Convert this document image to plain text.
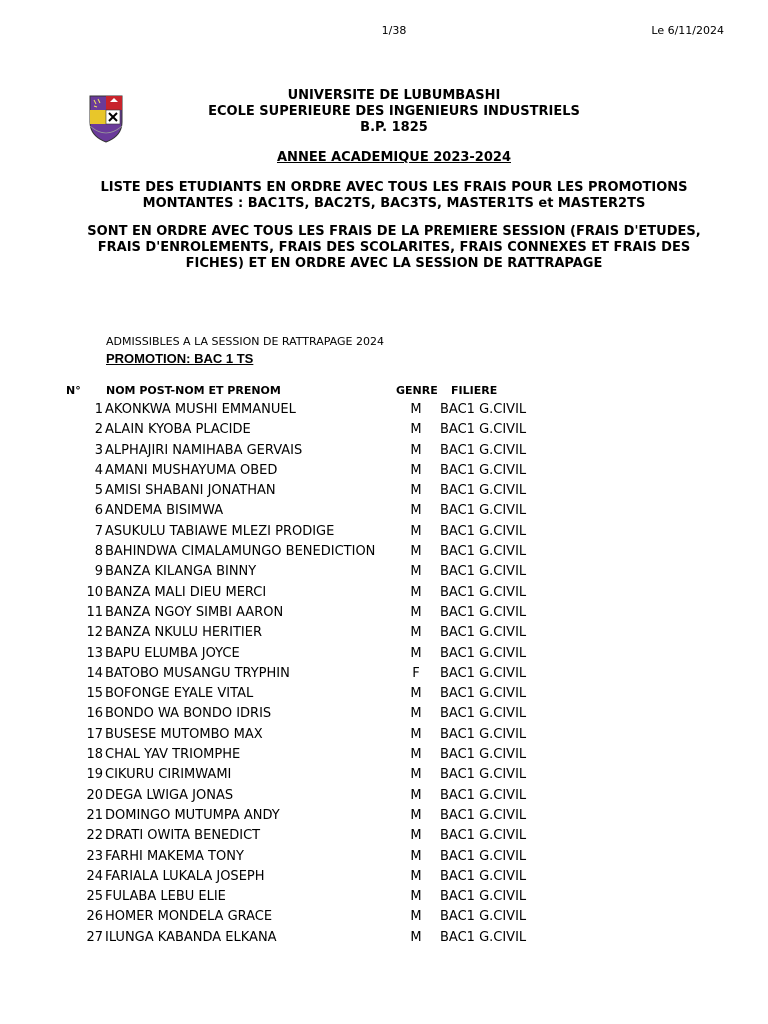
1/38	Le 6/11/2024
UNIVERSITE DE LUBUMBASHI
ECOLE SUPERIEURE DES INGENIEURS INDUSTRIELS
B.P. 1825
ANNEE ACADEMIQUE 2023-2024
LISTE DES ETUDIANTS EN ORDRE AVEC TOUS LES FRAIS POUR LES PROMOTIONS MONTANTES : BAC1TS, BAC2TS, BAC3TS, MASTER1TS et MASTER2TS
SONT EN ORDRE AVEC TOUS LES FRAIS DE LA PREMIERE SESSION (FRAIS D'ETUDES, FRAIS D'ENROLEMENTS, FRAIS DES SCOLARITES, FRAIS CONNEXES ET FRAIS DES FICHES) ET EN ORDRE AVEC LA SESSION DE RATTRAPAGE
ADMISSIBLES A LA SESSION DE RATTRAPAGE 2024
PROMOTION: BAC 1 TS
N° NOM POST-NOM ET PRENOM	GENRE FILIERE
1 AKONKWA MUSHI EMMANUEL	M BAC1 G.CIVIL
2 ALAIN KYOBA PLACIDE	M BAC1 G.CIVIL
3 ALPHAJIRI NAMIHABA GERVAIS	M BAC1 G.CIVIL
4 AMANI MUSHAYUMA OBED	M BAC1 G.CIVIL
5 AMISI SHABANI JONATHAN	M BAC1 G.CIVIL
6 ANDEMA BISIMWA	M BAC1 G.CIVIL
7 ASUKULU TABIAWE MLEZI PRODIGE	M BAC1 G.CIVIL
8 BAHINDWA CIMALAMUNGO BENEDICTION	M BAC1 G.CIVIL
9 BANZA KILANGA BINNY	M BAC1 G.CIVIL
10 BANZA MALI DIEU MERCI	M BAC1 G.CIVIL
11 BANZA NGOY SIMBI AARON	M BAC1 G.CIVIL
12 BANZA NKULU HERITIER	M BAC1 G.CIVIL
13 BAPU ELUMBA JOYCE	M BAC1 G.CIVIL
14 BATOBO MUSANGU TRYPHIN	F BAC1 G.CIVIL
15 BOFONGE EYALE VITAL	M BAC1 G.CIVIL
16 BONDO WA BONDO IDRIS	M BAC1 G.CIVIL
17 BUSESE MUTOMBO MAX	M BAC1 G.CIVIL
18 CHAL YAV TRIOMPHE	M BAC1 G.CIVIL
19 CIKURU CIRIMWAMI	M BAC1 G.CIVIL
20 DEGA LWIGA JONAS	M BAC1 G.CIVIL
21 DOMINGO MUTUMPA ANDY	M BAC1 G.CIVIL
22 DRATI OWITA BENEDICT	M BAC1 G.CIVIL
23 FARHI MAKEMA TONY	M BAC1 G.CIVIL
24 FARIALA LUKALA JOSEPH	M BAC1 G.CIVIL
25 FULABA LEBU ELIE	M BAC1 G.CIVIL
26 HOMER MONDELA GRACE	M BAC1 G.CIVIL
27 ILUNGA KABANDA ELKANA	M BAC1 G.CIVIL
